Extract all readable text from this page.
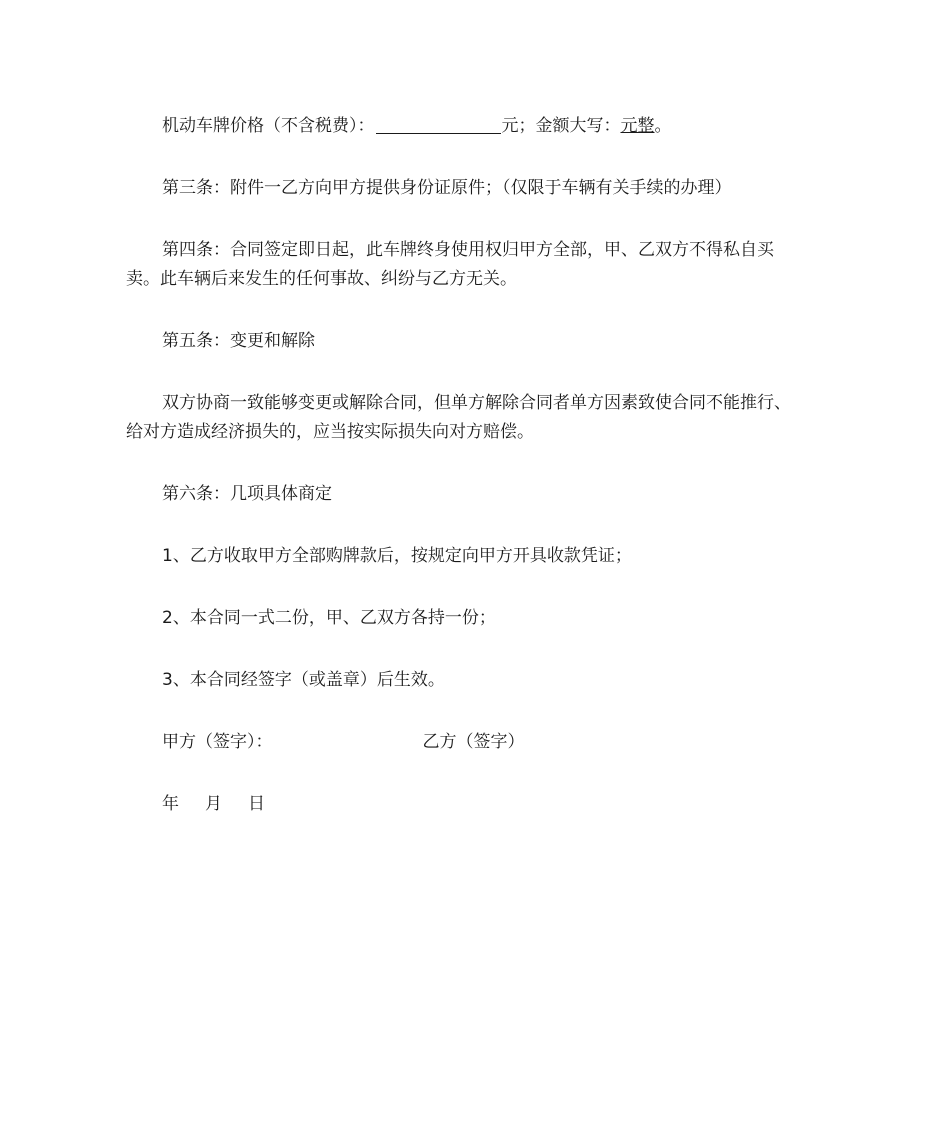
机动车牌价格（不含税费）：	元；金额大写：元整。
第三条：附件一乙方向甲方提供身份证原件；（仅限于车辆有关手续的办理）
第四条：合同签定即日起，此车牌终身使用权归甲方全部，甲、乙双方不得私自买
卖。此车辆后来发生的任何事故、纠纷与乙方无关。
第五条：变更和解除
双方协商一致能够变更或解除合同，但单方解除合同者单方因素致使合同不能推行、
给对方造成经济损失的，应当按实际损失向对方赔偿。
第六条：几项具体商定
1、乙方收取甲方全部购牌款后，按规定向甲方开具收款凭证；
2、本合同一式二份，甲、乙双方各持一份；
3、本合同经签字（或盖章）后生效。
甲方（签字）：	乙方（签字）
年 月 日
